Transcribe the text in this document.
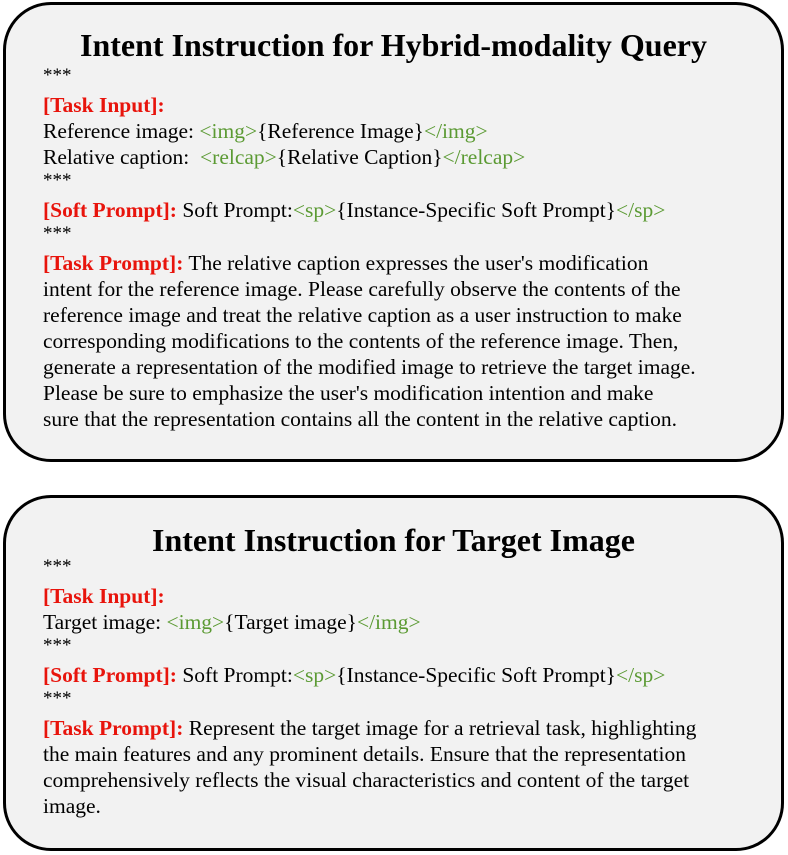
Intent Instruction for Hybrid-modality Query
***
[Task Input]:
Reference image: <img>{Reference Image}</img>
Relative caption:  <relcap>{Relative Caption}</relcap>
***
[Soft Prompt]: Soft Prompt:<sp>{Instance-Specific Soft Prompt}</sp>
***
[Task Prompt]: The relative caption expresses the user's modification
intent for the reference image. Please carefully observe the contents of the
reference image and treat the relative caption as a user instruction to make
corresponding modifications to the contents of the reference image. Then,
generate a representation of the modified image to retrieve the target image.
Please be sure to emphasize the user's modification intention and make
sure that the representation contains all the content in the relative caption.
Intent Instruction for Target Image
***
[Task Input]:
Target image: <img>{Target image}</img>
***
[Soft Prompt]: Soft Prompt:<sp>{Instance-Specific Soft Prompt}</sp>
***
[Task Prompt]: Represent the target image for a retrieval task, highlighting
the main features and any prominent details. Ensure that the representation
comprehensively reflects the visual characteristics and content of the target
image.
